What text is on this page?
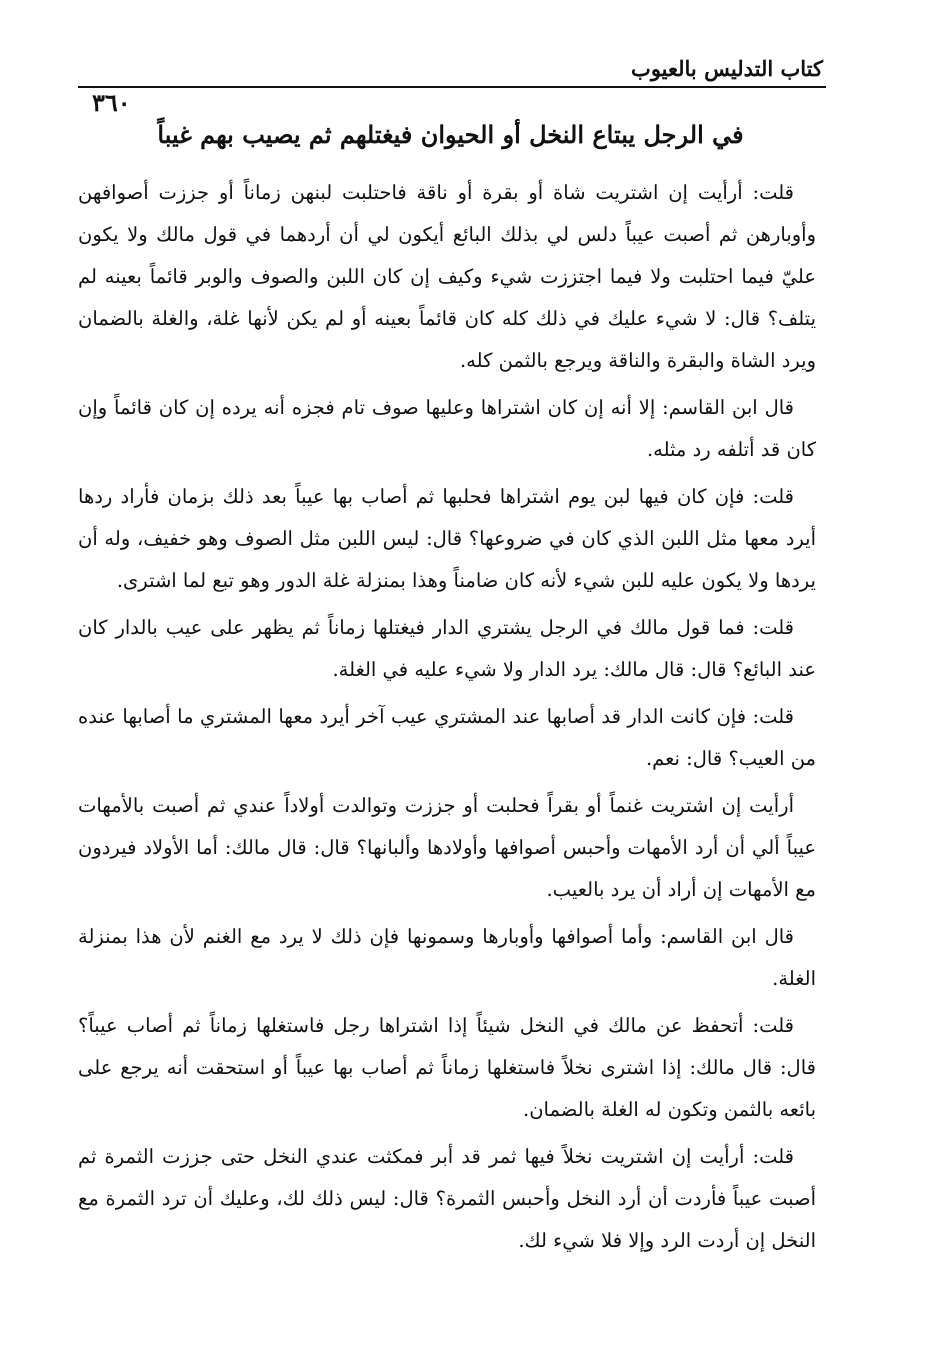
كتاب التدليس بالعيوب
٣٦٠
في الرجل يبتاع النخل أو الحيوان فيغتلهم ثم يصيب بهم غيباً

قلت: أرأيت إن اشتريت شاة أو بقرة أو ناقة فاحتلبت لبنهن زماناً أو جززت أصوافهن وأوبارهن ثم أصبت عيباً دلس لي بذلك البائع أيكون لي أن أردهما في قول مالك ولا يكون عليّ فيما احتلبت ولا فيما اجتززت شيء وكيف إن كان اللبن والصوف والوبر قائماً بعينه لم يتلف؟ قال: لا شيء عليك في ذلك كله كان قائماً بعينه أو لم يكن لأنها غلة، والغلة بالضمان ويرد الشاة والبقرة والناقة ويرجع بالثمن كله.

قال ابن القاسم: إلا أنه إن كان اشتراها وعليها صوف تام فجزه أنه يرده إن كان قائماً وإن كان قد أتلفه رد مثله.

قلت: فإن كان فيها لبن يوم اشتراها فحلبها ثم أصاب بها عيباً بعد ذلك بزمان فأراد ردها أيرد معها مثل اللبن الذي كان في ضروعها؟ قال: ليس اللبن مثل الصوف وهو خفيف، وله أن يردها ولا يكون عليه للبن شيء لأنه كان ضامناً وهذا بمنزلة غلة الدور وهو تبع لما اشترى.

قلت: فما قول مالك في الرجل يشتري الدار فيغتلها زماناً ثم يظهر على عيب بالدار كان عند البائع؟ قال: قال مالك: يرد الدار ولا شيء عليه في الغلة.

قلت: فإن كانت الدار قد أصابها عند المشتري عيب آخر أيرد معها المشتري ما أصابها عنده من العيب؟ قال: نعم.

أرأيت إن اشتريت غنماً أو بقراً فحلبت أو جززت وتوالدت أولاداً عندي ثم أصبت بالأمهات عيباً ألي أن أرد الأمهات وأحبس أصوافها وأولادها وألبانها؟ قال: قال مالك: أما الأولاد فيردون مع الأمهات إن أراد أن يرد بالعيب.

قال ابن القاسم: وأما أصوافها وأوبارها وسمونها فإن ذلك لا يرد مع الغنم لأن هذا بمنزلة الغلة.

قلت: أتحفظ عن مالك في النخل شيئاً إذا اشتراها رجل فاستغلها زماناً ثم أصاب عيباً؟ قال: قال مالك: إذا اشترى نخلاً فاستغلها زماناً ثم أصاب بها عيباً أو استحقت أنه يرجع على بائعه بالثمن وتكون له الغلة بالضمان.

قلت: أرأيت إن اشتريت نخلاً فيها ثمر قد أبر فمكثت عندي النخل حتى جززت الثمرة ثم أصبت عيباً فأردت أن أرد النخل وأحبس الثمرة؟ قال: ليس ذلك لك، وعليك أن ترد الثمرة مع النخل إن أردت الرد وإلا فلا شيء لك.
